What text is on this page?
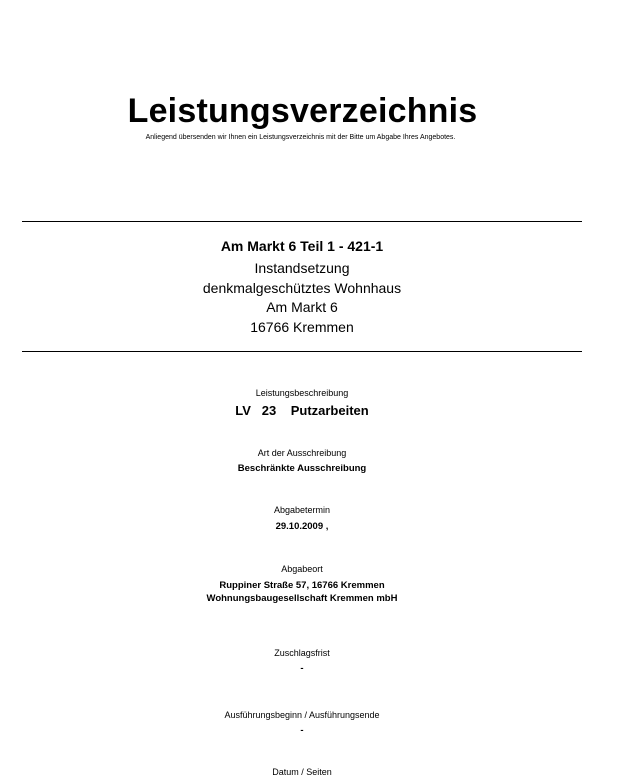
Leistungsverzeichnis
Anliegend übersenden wir Ihnen ein Leistungsverzeichnis mit der Bitte um Abgabe Ihres Angebotes.
Am Markt 6 Teil 1 - 421-1
Instandsetzung
denkmalgeschütztes Wohnhaus
Am Markt 6
16766 Kremmen
Leistungsbeschreibung
LV 23 Putzarbeiten
Art der Ausschreibung
Beschränkte Ausschreibung
Abgabetermin
29.10.2009 ,
Abgabeort
Ruppiner Straße 57, 16766 Kremmen
Wohnungsbaugesellschaft Kremmen mbH
Zuschlagsfrist
-
Ausführungsbeginn / Ausführungsende
-
Datum / Seiten
